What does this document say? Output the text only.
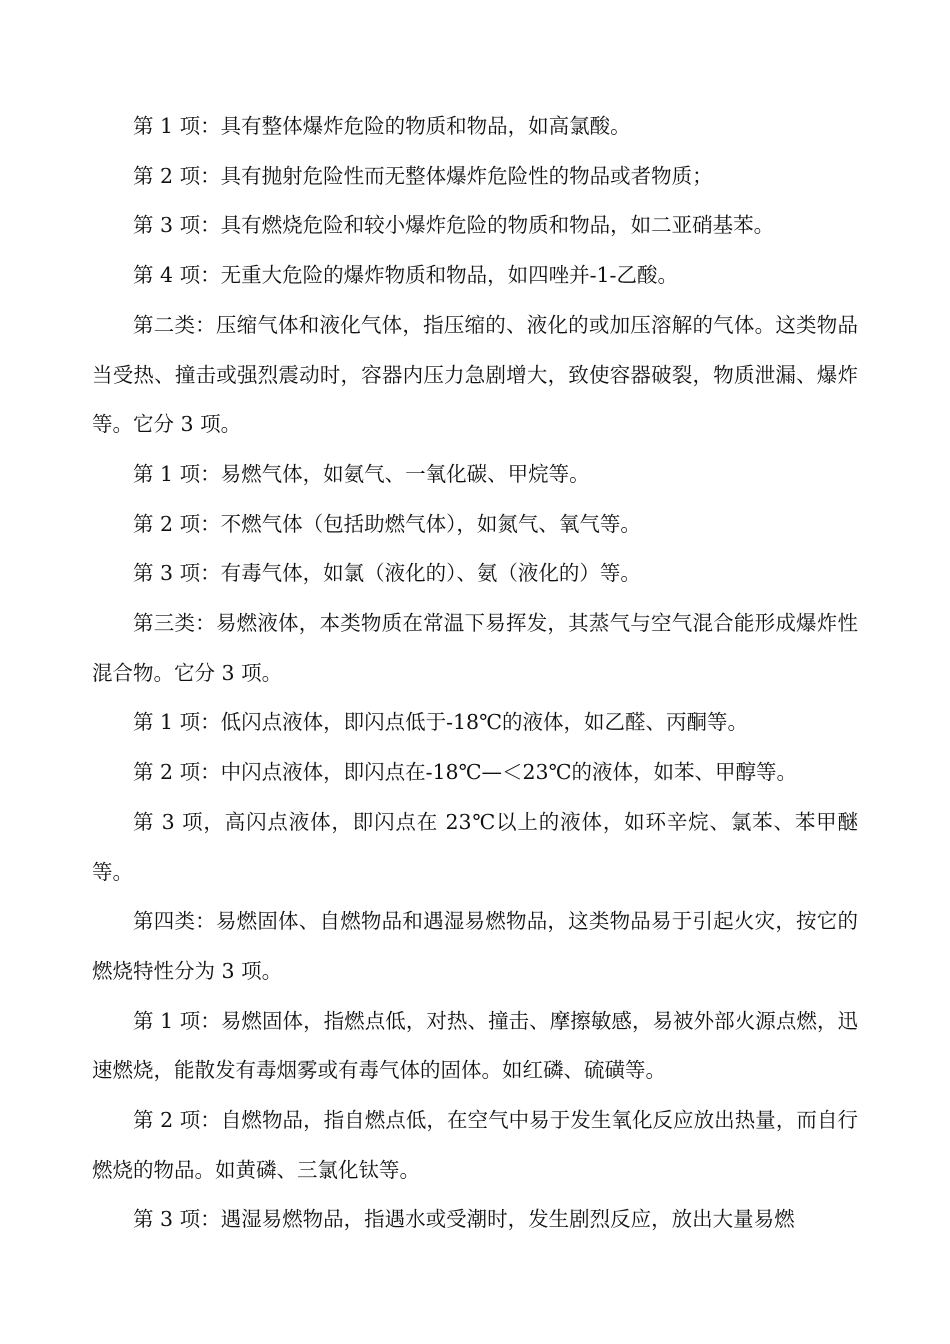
第 1 项：具有整体爆炸危险的物质和物品，如高氯酸。

第 2 项：具有抛射危险性而无整体爆炸危险性的物品或者物质；

第 3 项：具有燃烧危险和较小爆炸危险的物质和物品，如二亚硝基苯。

第 4 项：无重大危险的爆炸物质和物品，如四唑并-1-乙酸。

第二类：压缩气体和液化气体，指压缩的、液化的或加压溶解的气体。这类物品当受热、撞击或强烈震动时，容器内压力急剧增大，致使容器破裂，物质泄漏、爆炸等。它分 3 项。

第 1 项：易燃气体，如氨气、一氧化碳、甲烷等。

第 2 项：不燃气体（包括助燃气体），如氮气、氧气等。

第 3 项：有毒气体，如氯（液化的）、氨（液化的）等。

第三类：易燃液体，本类物质在常温下易挥发，其蒸气与空气混合能形成爆炸性混合物。它分 3 项。

第 1 项：低闪点液体，即闪点低于-18℃的液体，如乙醛、丙酮等。

第 2 项：中闪点液体，即闪点在-18℃—＜23℃的液体，如苯、甲醇等。

第 3 项，高闪点液体，即闪点在 23℃以上的液体，如环辛烷、氯苯、苯甲醚等。

第四类：易燃固体、自燃物品和遇湿易燃物品，这类物品易于引起火灾，按它的燃烧特性分为 3 项。

第 1 项：易燃固体，指燃点低，对热、撞击、摩擦敏感，易被外部火源点燃，迅速燃烧，能散发有毒烟雾或有毒气体的固体。如红磷、硫磺等。

第 2 项：自燃物品，指自燃点低，在空气中易于发生氧化反应放出热量，而自行燃烧的物品。如黄磷、三氯化钛等。

第 3 项：遇湿易燃物品，指遇水或受潮时，发生剧烈反应，放出大量易燃
